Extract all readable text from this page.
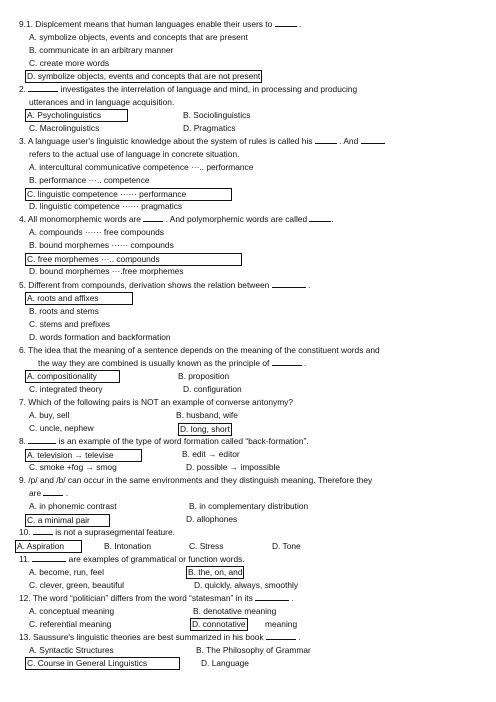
9.1. Displcement means that human languages enable their users to	.
A. symbolize objects, events and concepts that are present
B. communicate in an arbitrary manner
C. create more words
D. symbolize objects, events and concepts that are not present
2.	investigates the interrelation of language and mind, in processing and producing
utterances and in language acquisition.
A. Psycholinguistics	B. Sociolinguistics
C. Macrolinguistics	D. Pragmatics
3. A language user's linguistic knowledge about the system of rules is called his	. And
refers to the actual use of language in concrete situation.
A. intercultural communicative competence ···.. performance
B. performance ···.. competence
C. linguistic competence ······ performance
D. linguistic competence ······ pragmatics
4. All monomorphemic words are  . And polymorphemic words are called	.
A. compounds ······ free compounds
B. bound morphemes ······ compounds
C. free morphemes ···.. compounds
D. bound morphemes ···.free morphemes
5. Different from compounds, derivation shows the relation between	.
A. roots and affixes
B. roots and stems
C. stems and prefixes
D. words formation and backformation
6. The idea that the meaning of a sentence depends on the meaning of the constituent words and
the way they are combined is usually known as the principle of	.
A. compositionality	B. proposition
C. integrated theory	D. configuration
7. Which of the following pairs is NOT an example of converse antonymy?
A. buy, sell	B. husband, wife
C. uncle, nephew	D. long, short
8.	is an example of the type of word formation called “back-formation”.
A. television → televise	B. edit → editor
C. smoke +fog → smog	D. possible → impossible
9. /p/ and /b/ can occur in the same environments and they distinguish meaning. Therefore they
are  .
A. in phonemic contrast	B. in complementary distribution
C. a minimal pair	D. allophones
10.  is not a suprasegmental feature.
A. Aspiration	B. Intonation	C. Stress	D. Tone
11.	are examples of grammatical or function words.
A. become, run, feel	B. the, on, and
C. clever, green, beautiful	D. quickly, always, smoothly
12. The word “politician” differs from the word “statesman” in its	.
A. conceptual meaning	B. denotative meaning
C. referential meaning	D. connotative meaning
13. Saussure's linguistic theories are best summarized in his book	.
A. Syntactic Structures	B. The Philosophy of Grammar
C. Course in General Linguistics	D. Language
